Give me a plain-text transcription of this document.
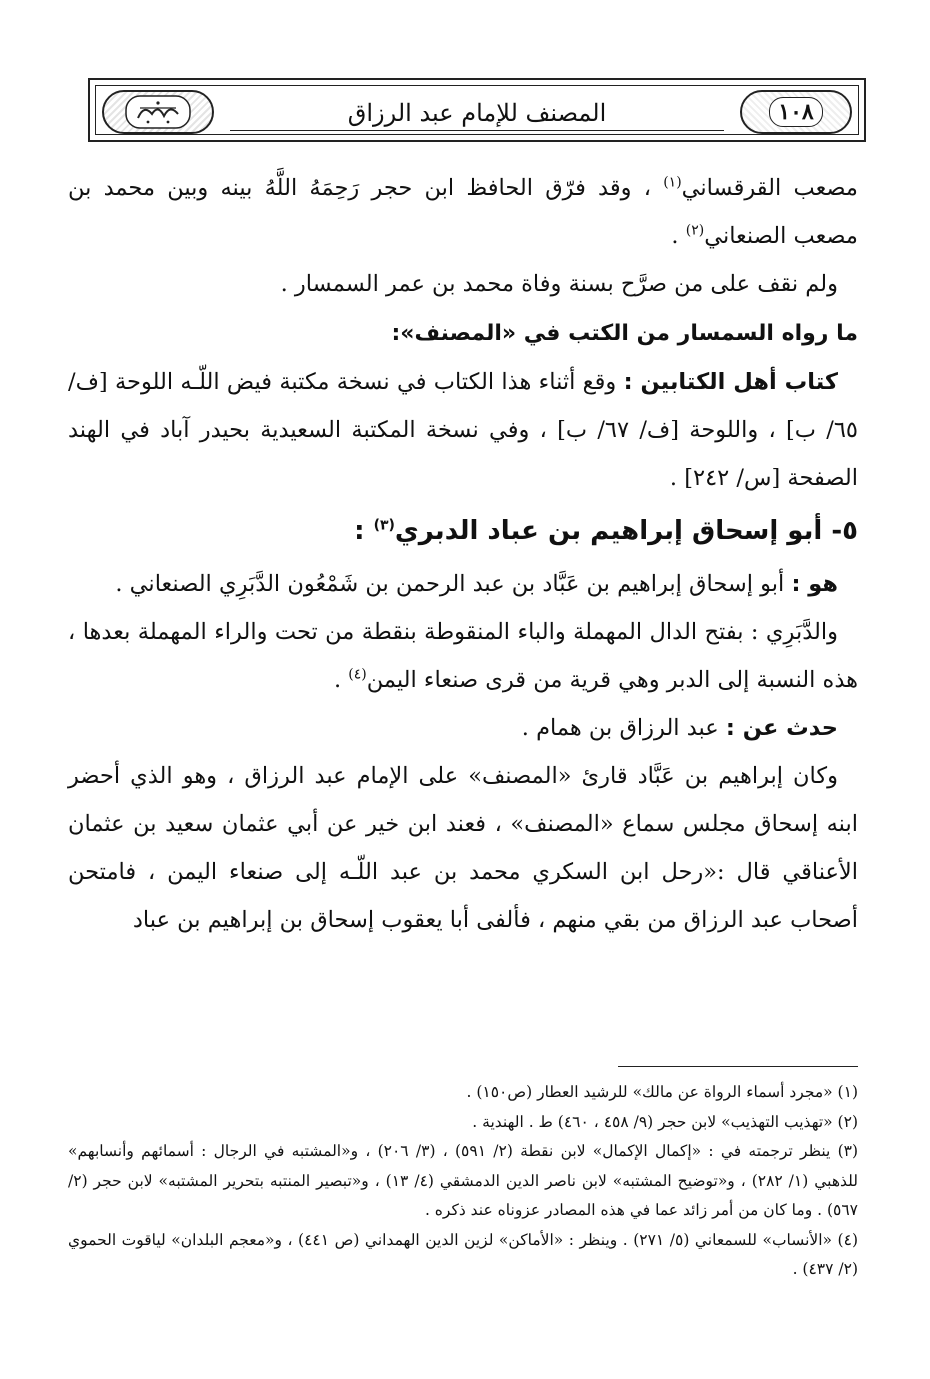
١٠٨
المصنف للإمام عبد الرزاق

مصعب القرقساني$^{(١)}$ ، وقد فرّق الحافظ ابن حجر رَحِمَهُ اللَّهُ بينه وبين محمد بن مصعب الصنعاني$^{(٢)}$ .

ولم نقف على من صرَّح بسنة وفاة محمد بن عمر السمسار .

ما رواه السمسار من الكتب في «المصنف»:

كتاب أهل الكتابين : وقع أثناء هذا الكتاب في نسخة مكتبة فيض اللّـه اللوحة [ف/ ٦٥/ ب] ، واللوحة [ف/ ٦٧/ ب] ، وفي نسخة المكتبة السعيدية بحيدر آباد في الهند الصفحة [س/ ٢٤٢] .

٥- أبو إسحاق إبراهيم بن عباد الدبري$^{(٣)}$ :

هو : أبو إسحاق إبراهيم بن عَبَّاد بن عبد الرحمن بن شَمْعُون الدَّبَرِي الصنعاني .

والدَّبَرِي : بفتح الدال المهملة والباء المنقوطة بنقطة من تحت والراء المهملة بعدها ، هذه النسبة إلى الدبر وهي قرية من قرى صنعاء اليمن$^{(٤)}$ .

حدث عن : عبد الرزاق بن همام .

وكان إبراهيم بن عَبَّاد قارئ «المصنف» على الإمام عبد الرزاق ، وهو الذي أحضر ابنه إسحاق مجلس سماع «المصنف» ، فعند ابن خير عن أبي عثمان سعيد بن عثمان الأعناقي قال :«رحل ابن السكري محمد بن عبد اللّـه إلى صنعاء اليمن ، فامتحن أصحاب عبد الرزاق من بقي منهم ، فألفى أبا يعقوب إسحاق بن إبراهيم بن عباد

(١) «مجرد أسماء الرواة عن مالك» للرشيد العطار (ص١٥٠) .

(٢) «تهذيب التهذيب» لابن حجر (٩/ ٤٥٨ ، ٤٦٠) ط . الهندية .

(٣) ينظر ترجمته في : «إكمال الإكمال» لابن نقطة (٢/ ٥٩١) ، (٣/ ٢٠٦) ، و«المشتبه في الرجال : أسمائهم وأنسابهم» للذهبي (١/ ٢٨٢) ، و«توضيح المشتبه» لابن ناصر الدين الدمشقي (٤/ ١٣) ، و«تبصير المنتبه بتحرير المشتبه» لابن حجر (٢/ ٥٦٧) . وما كان من أمر زائد عما في هذه المصادر عزوناه عند ذكره .

(٤) «الأنساب» للسمعاني (٥/ ٢٧١) . وينظر : «الأماكن» لزين الدين الهمداني (ص ٤٤١) ، و«معجم البلدان» لياقوت الحموي (٢/ ٤٣٧) .
